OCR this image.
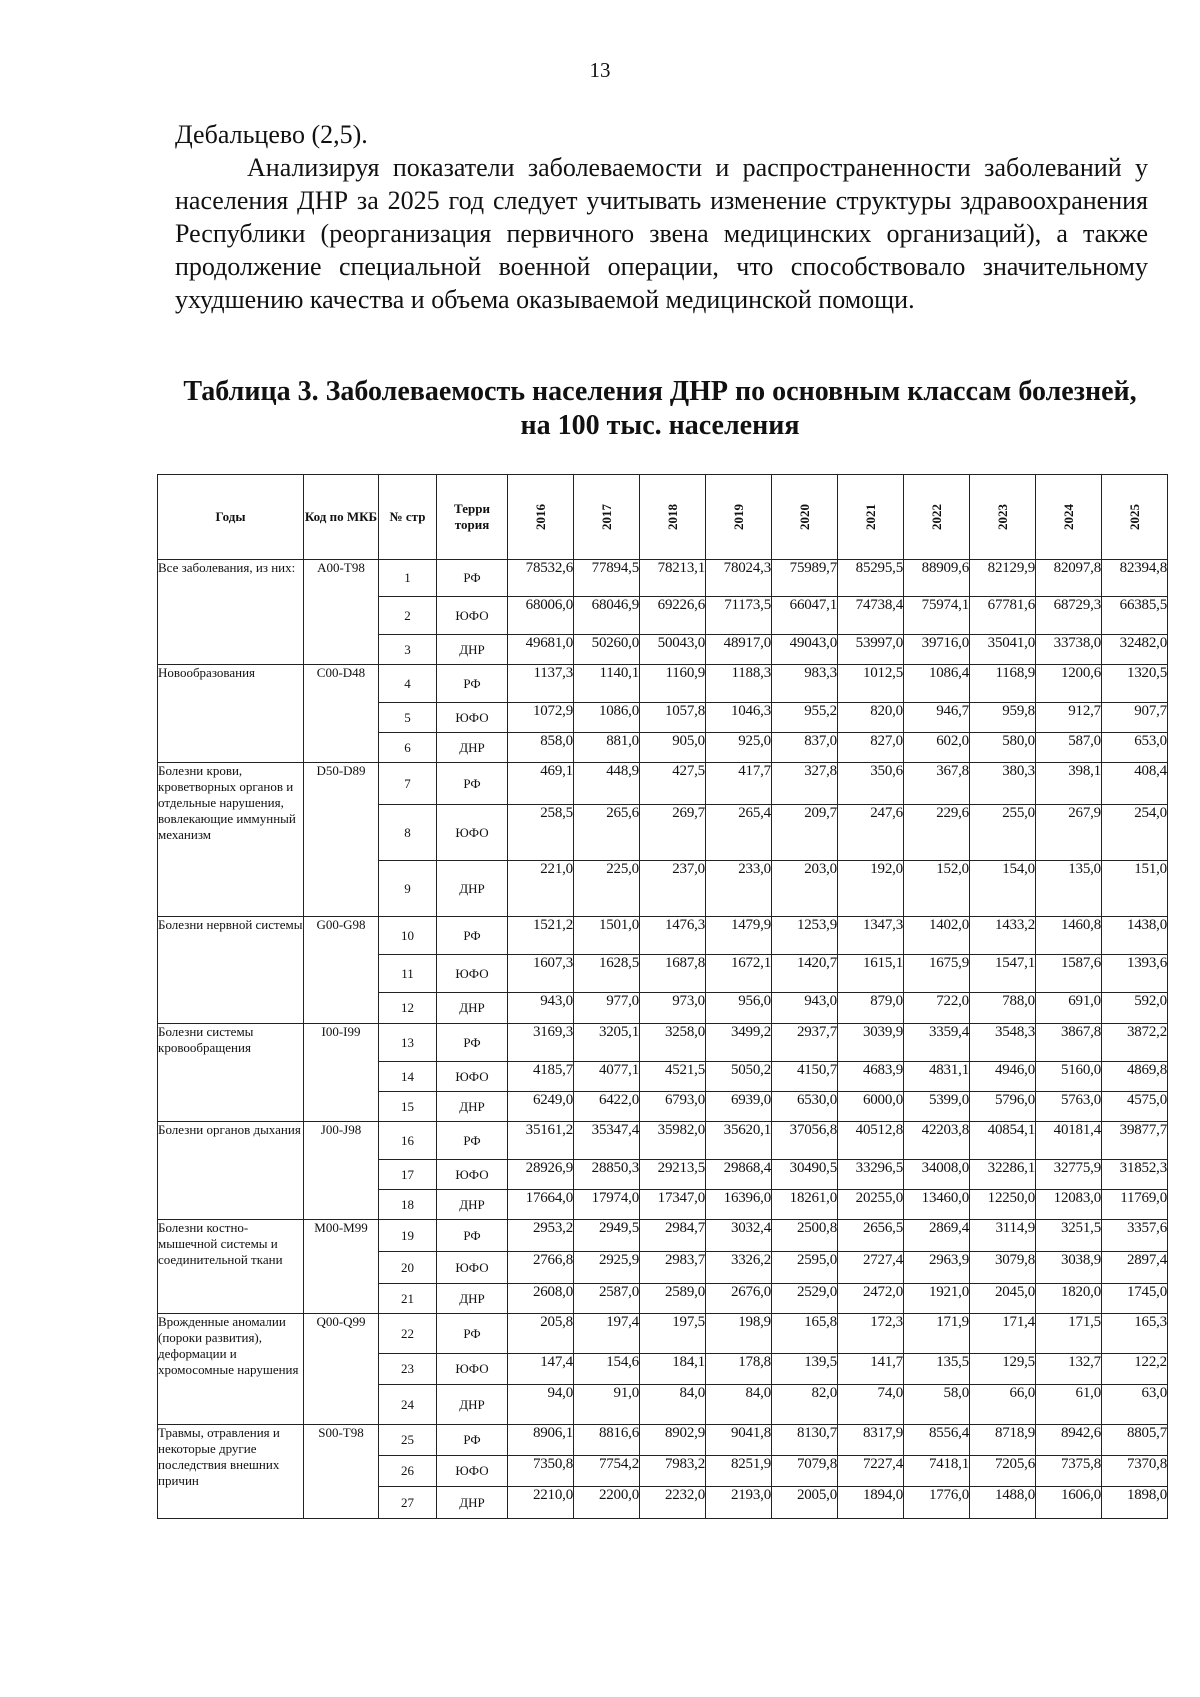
13

Дебальцево (2,5).

Анализируя показатели заболеваемости и распространенности заболеваний у населения ДНР за 2025 год следует учитывать изменение структуры здравоохранения Республики (реорганизация первичного звена медицинских организаций), а также продолжение специальной военной операции, что способствовало значительному ухудшению качества и объема оказываемой медицинской помощи.

Таблица 3. Заболеваемость населения ДНР по основным классам болезней,
на 100 тыс. населения
Годы	Код по МКБ	№ стр	Терри тория	2016	2017	2018	2019	2020	2021	2022	2023	2024	2025
Все заболевания, из них:	А00-Т98	1	РФ	78532,6	77894,5	78213,1	78024,3	75989,7	85295,5	88909,6	82129,9	82097,8	82394,8
		2	ЮФО	68006,0	68046,9	69226,6	71173,5	66047,1	74738,4	75974,1	67781,6	68729,3	66385,5
		3	ДНР	49681,0	50260,0	50043,0	48917,0	49043,0	53997,0	39716,0	35041,0	33738,0	32482,0
Новообразования	C00-D48	4	РФ	1137,3	1140,1	1160,9	1188,3	983,3	1012,5	1086,4	1168,9	1200,6	1320,5
		5	ЮФО	1072,9	1086,0	1057,8	1046,3	955,2	820,0	946,7	959,8	912,7	907,7
		6	ДНР	858,0	881,0	905,0	925,0	837,0	827,0	602,0	580,0	587,0	653,0
Болезни крови, кроветворных органов и отдельные нарушения, вовлекающие иммунный механизм	D50-D89	7	РФ	469,1	448,9	427,5	417,7	327,8	350,6	367,8	380,3	398,1	408,4
		8	ЮФО	258,5	265,6	269,7	265,4	209,7	247,6	229,6	255,0	267,9	254,0
		9	ДНР	221,0	225,0	237,0	233,0	203,0	192,0	152,0	154,0	135,0	151,0
Болезни нервной системы	G00-G98	10	РФ	1521,2	1501,0	1476,3	1479,9	1253,9	1347,3	1402,0	1433,2	1460,8	1438,0
		11	ЮФО	1607,3	1628,5	1687,8	1672,1	1420,7	1615,1	1675,9	1547,1	1587,6	1393,6
		12	ДНР	943,0	977,0	973,0	956,0	943,0	879,0	722,0	788,0	691,0	592,0
Болезни системы кровообращения	I00-I99	13	РФ	3169,3	3205,1	3258,0	3499,2	2937,7	3039,9	3359,4	3548,3	3867,8	3872,2
		14	ЮФО	4185,7	4077,1	4521,5	5050,2	4150,7	4683,9	4831,1	4946,0	5160,0	4869,8
		15	ДНР	6249,0	6422,0	6793,0	6939,0	6530,0	6000,0	5399,0	5796,0	5763,0	4575,0
Болезни органов дыхания	J00-J98	16	РФ	35161,2	35347,4	35982,0	35620,1	37056,8	40512,8	42203,8	40854,1	40181,4	39877,7
		17	ЮФО	28926,9	28850,3	29213,5	29868,4	30490,5	33296,5	34008,0	32286,1	32775,9	31852,3
		18	ДНР	17664,0	17974,0	17347,0	16396,0	18261,0	20255,0	13460,0	12250,0	12083,0	11769,0
Болезни костно-мышечной системы и соединительной ткани	M00-M99	19	РФ	2953,2	2949,5	2984,7	3032,4	2500,8	2656,5	2869,4	3114,9	3251,5	3357,6
		20	ЮФО	2766,8	2925,9	2983,7	3326,2	2595,0	2727,4	2963,9	3079,8	3038,9	2897,4
		21	ДНР	2608,0	2587,0	2589,0	2676,0	2529,0	2472,0	1921,0	2045,0	1820,0	1745,0
Врожденные аномалии (пороки развития), деформации и хромосомные нарушения	Q00-Q99	22	РФ	205,8	197,4	197,5	198,9	165,8	172,3	171,9	171,4	171,5	165,3
		23	ЮФО	147,4	154,6	184,1	178,8	139,5	141,7	135,5	129,5	132,7	122,2
		24	ДНР	94,0	91,0	84,0	84,0	82,0	74,0	58,0	66,0	61,0	63,0
Травмы, отравления и некоторые другие последствия внешних причин	S00-T98	25	РФ	8906,1	8816,6	8902,9	9041,8	8130,7	8317,9	8556,4	8718,9	8942,6	8805,7
		26	ЮФО	7350,8	7754,2	7983,2	8251,9	7079,8	7227,4	7418,1	7205,6	7375,8	7370,8
		27	ДНР	2210,0	2200,0	2232,0	2193,0	2005,0	1894,0	1776,0	1488,0	1606,0	1898,0
